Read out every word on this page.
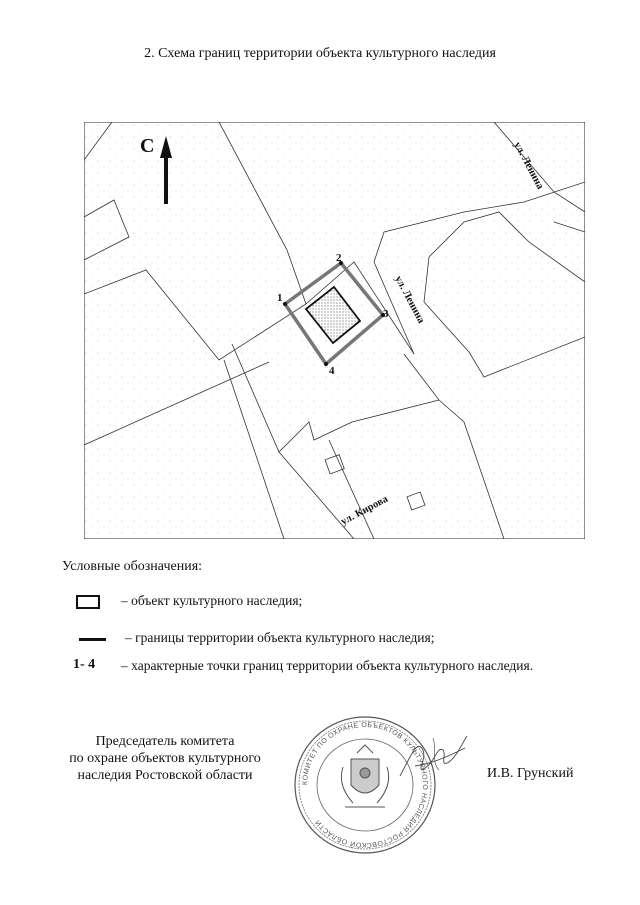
2. Схема границ территории объекта культурного наследия
1
2
3
4
С	ул. Ленина
ул. Ленина
ул. Кирова
Условные обозначения:
– объект культурного наследия;
– границы территории объекта культурного наследия;
1- 4 – характерные точки границ территории объекта культурного наследия.
Председатель комитета
по охране объектов культурного
наследия Ростовской области	КОМИТЕТ ПО ОХРАНЕ ОБЪЕКТОВ КУЛЬТУРНОГО НАСЛЕДИЯ РОСТОВСКОЙ ОБЛАСТИ
И.В. Грунский
